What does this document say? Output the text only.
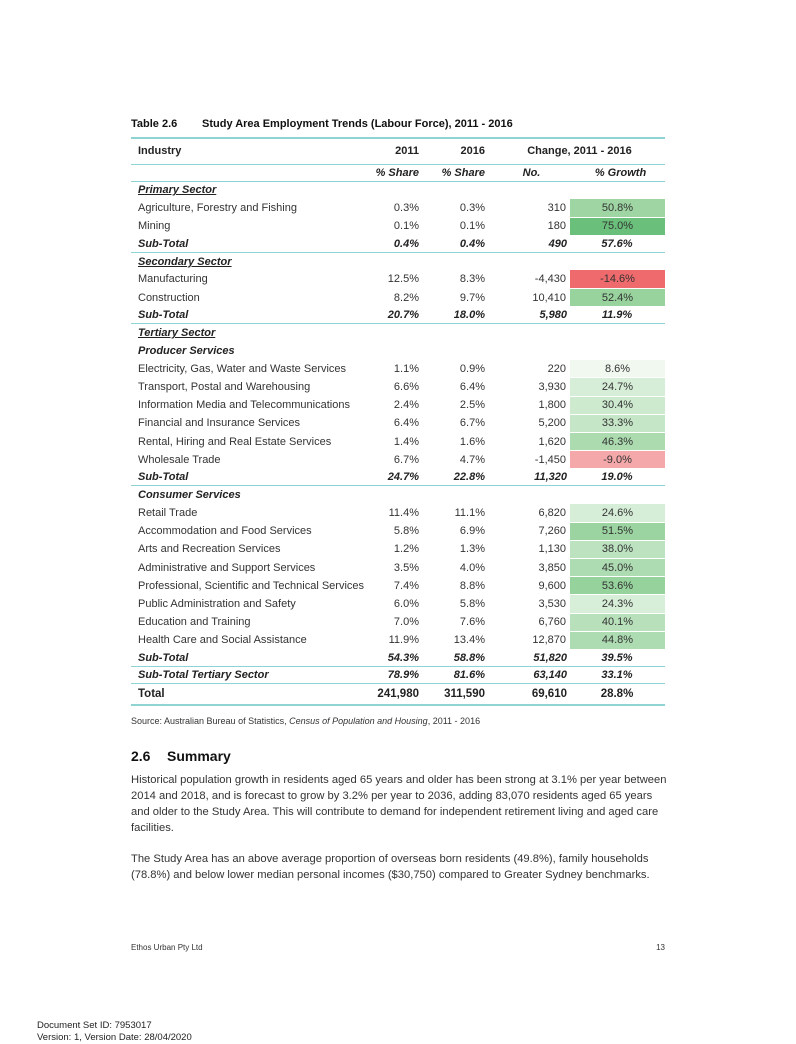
Table 2.6 Study Area Employment Trends (Labour Force), 2011 - 2016
Industry	2011	2016	Change, 2011 - 2016	
	% Share	% Share	No.	% Growth
Primary Sector				
Agriculture, Forestry and Fishing	0.3%	0.3%	310	50.8%
Mining	0.1%	0.1%	180	75.0%
Sub-Total	0.4%	0.4%	490	57.6%
Secondary Sector				
Manufacturing	12.5%	8.3%	-4,430	-14.6%
Construction	8.2%	9.7%	10,410	52.4%
Sub-Total	20.7%	18.0%	5,980	11.9%
Tertiary Sector				
Producer Services				
Electricity, Gas, Water and Waste Services	1.1%	0.9%	220	8.6%
Transport, Postal and Warehousing	6.6%	6.4%	3,930	24.7%
Information Media and Telecommunications	2.4%	2.5%	1,800	30.4%
Financial and Insurance Services	6.4%	6.7%	5,200	33.3%
Rental, Hiring and Real Estate Services	1.4%	1.6%	1,620	46.3%
Wholesale Trade	6.7%	4.7%	-1,450	-9.0%
Sub-Total	24.7%	22.8%	11,320	19.0%
Consumer Services				
Retail Trade	11.4%	11.1%	6,820	24.6%
Accommodation and Food Services	5.8%	6.9%	7,260	51.5%
Arts and Recreation Services	1.2%	1.3%	1,130	38.0%
Administrative and Support Services	3.5%	4.0%	3,850	45.0%
Professional, Scientific and Technical Services	7.4%	8.8%	9,600	53.6%
Public Administration and Safety	6.0%	5.8%	3,530	24.3%
Education and Training	7.0%	7.6%	6,760	40.1%
Health Care and Social Assistance	11.9%	13.4%	12,870	44.8%
Sub-Total	54.3%	58.8%	51,820	39.5%
Sub-Total Tertiary Sector	78.9%	81.6%	63,140	33.1%
Total	241,980	311,590	69,610	28.8%
Source: Australian Bureau of Statistics, Census of Population and Housing, 2011 - 2016
2.6 Summary

Historical population growth in residents aged 65 years and older has been strong at 3.1% per year between 2014 and 2018, and is forecast to grow by 3.2% per year to 2036, adding 83,070 residents aged 65 years and older to the Study Area. This will contribute to demand for independent retirement living and aged care facilities.

The Study Area has an above average proportion of overseas born residents (49.8%), family households (78.8%) and below lower median personal incomes ($30,750) compared to Greater Sydney benchmarks.

Ethos Urban Pty Ltd	13
Document Set ID: 7953017
Version: 1, Version Date: 28/04/2020
